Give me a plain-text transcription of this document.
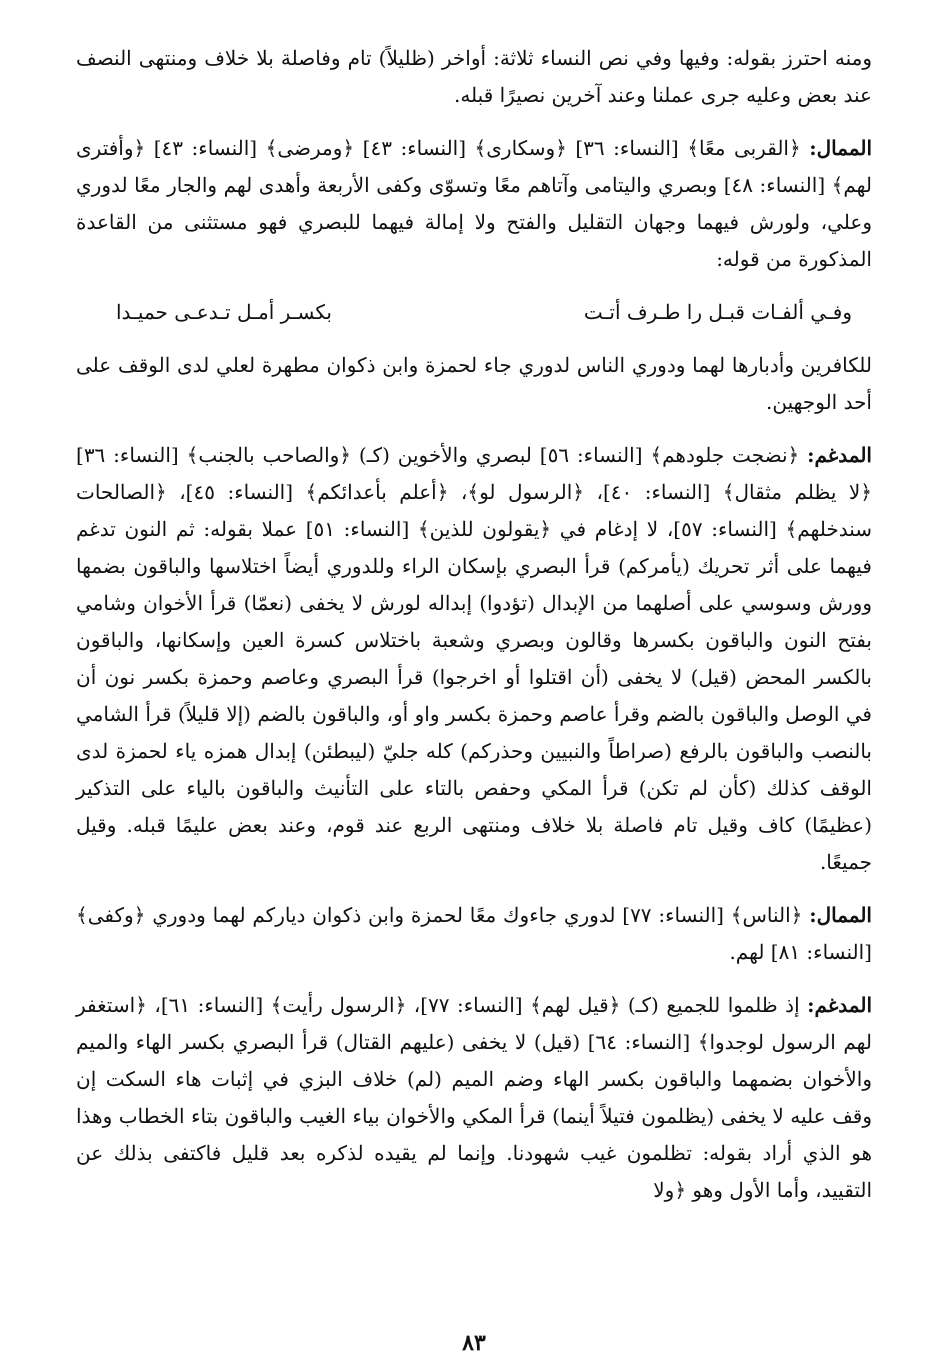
ومنه احترز بقوله: وفيها وفي نص النساء ثلاثة: أواخر (ظليلاً) تام وفاصلة بلا خلاف ومنتهى النصف عند بعض وعليه جرى عملنا وعند آخرين نصيرًا قبله.

الممال: ﴿القربى معًا﴾ [النساء: ٣٦] ﴿وسكارى﴾ [النساء: ٤٣] ﴿ومرضى﴾ [النساء: ٤٣] ﴿وأفترى لهم﴾ [النساء: ٤٨] وبصري واليتامى وآتاهم معًا وتسوّى وكفى الأربعة وأهدى لهم والجار معًا لدوري وعلي، ولورش فيهما وجهان التقليل والفتح ولا إمالة فيهما للبصري فهو مستثنى من القاعدة المذكورة من قوله:

وفـي ألفـات قبـل را طـرف أتـت
بكسـر أمـل تـدعـى حميـدا

للكافرين وأدبارها لهما ودوري الناس لدوري جاء لحمزة وابن ذكوان مطهرة لعلي لدى الوقف على أحد الوجهين.

المدغم: ﴿نضجت جلودهم﴾ [النساء: ٥٦] لبصري والأخوين (كـ) ﴿والصاحب بالجنب﴾ [النساء: ٣٦] ﴿لا يظلم مثقال﴾ [النساء: ٤٠]، ﴿الرسول لو﴾، ﴿أعلم بأعدائكم﴾ [النساء: ٤٥]، ﴿الصالحات سندخلهم﴾ [النساء: ٥٧]، لا إدغام في ﴿يقولون للذين﴾ [النساء: ٥١] عملا بقوله: ثم النون تدغم فيهما على أثر تحريك (يأمركم) قرأ البصري بإسكان الراء وللدوري أيضاً اختلاسها والباقون بضمها وورش وسوسي على أصلهما من الإبدال (تؤدوا) إبداله لورش لا يخفى (نعمّا) قرأ الأخوان وشامي بفتح النون والباقون بكسرها وقالون وبصري وشعبة باختلاس كسرة العين وإسكانها، والباقون بالكسر المحض (قيل) لا يخفى (أن اقتلوا أو اخرجوا) قرأ البصري وعاصم وحمزة بكسر نون أن في الوصل والباقون بالضم وقرأ عاصم وحمزة بكسر واو أو، والباقون بالضم (إلا قليلاً) قرأ الشامي بالنصب والباقون بالرفع (صراطاً والنبيين وحذركم) كله جليّ (ليبطئن) إبدال همزه ياء لحمزة لدى الوقف كذلك (كأن لم تكن) قرأ المكي وحفص بالتاء على التأنيث والباقون بالياء على التذكير (عظيمًا) كاف وقيل تام فاصلة بلا خلاف ومنتهى الربع عند قوم، وعند بعض عليمًا قبله. وقيل جميعًا.

الممال: ﴿الناس﴾ [النساء: ٧٧] لدوري جاءوك معًا لحمزة وابن ذكوان دياركم لهما ودوري ﴿وكفى﴾ [النساء: ٨١] لهم.

المدغم: إذ ظلموا للجميع (كـ) ﴿قيل لهم﴾ [النساء: ٧٧]، ﴿الرسول رأيت﴾ [النساء: ٦١]، ﴿استغفر لهم الرسول لوجدوا﴾ [النساء: ٦٤] (قيل) لا يخفى (عليهم القتال) قرأ البصري بكسر الهاء والميم والأخوان بضمهما والباقون بكسر الهاء وضم الميم (لم) خلاف البزي في إثبات هاء السكت إن وقف عليه لا يخفى (يظلمون فتيلاً أينما) قرأ المكي والأخوان بياء الغيب والباقون بتاء الخطاب وهذا هو الذي أراد بقوله: تظلمون غيب شهودنا. وإنما لم يقيده لذكره بعد قليل فاكتفى بذلك عن التقييد، وأما الأول وهو ﴿ولا

٨٣
